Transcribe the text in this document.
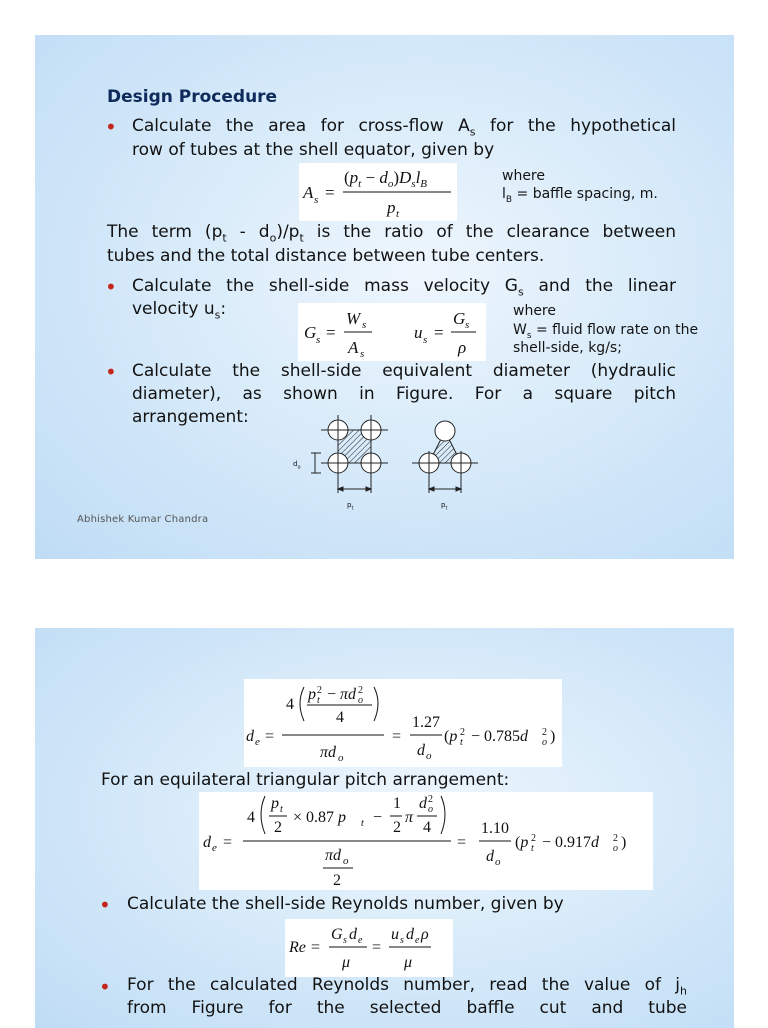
Design Procedure
• Calculate the area for cross-flow $A_s$ for the hypothetical
row of tubes at the shell equator, given by
A s =
$(p_t - d_o)D_sl_B$
p t
where
$l_B$ = baffle spacing, m.
The term $(p_t - d_o)/p_t$ is the ratio of the clearance between
tubes and the total distance between tube centers.
• Calculate the shell-side mass velocity $G_s$ and the linear
velocity $u_s$:
G s =
W s
A s
u s =
G s
ρ
where
$W_s$ = fluid flow rate on the
shell-side, kg/s;
• Calculate the shell-side equivalent diameter (hydraulic
diameter), as shown in Figure. For a square pitch
arrangement:
$d_o$
$p_t$	$p_t$
Abhishek Kumar Chandra
d e =
4
p 2
t − πd 2
o
4
πd o
=
1.27
d o
(p 2
t − 0.785d 2
o )
For an equilateral triangular pitch arrangement:
d e =
4
p t
2
× 0.87 p t −
1
2
π
d 2
o
4
πd o
2
=
1.10
d o
(p 2
t − 0.917d 2
o )
• Calculate the shell-side Reynolds number, given by
Re =
G s d e
μ
=
u s d e ρ
μ
• For the calculated Reynolds number, read the value of $j_h$
from Figure for the selected baffle cut and tube
